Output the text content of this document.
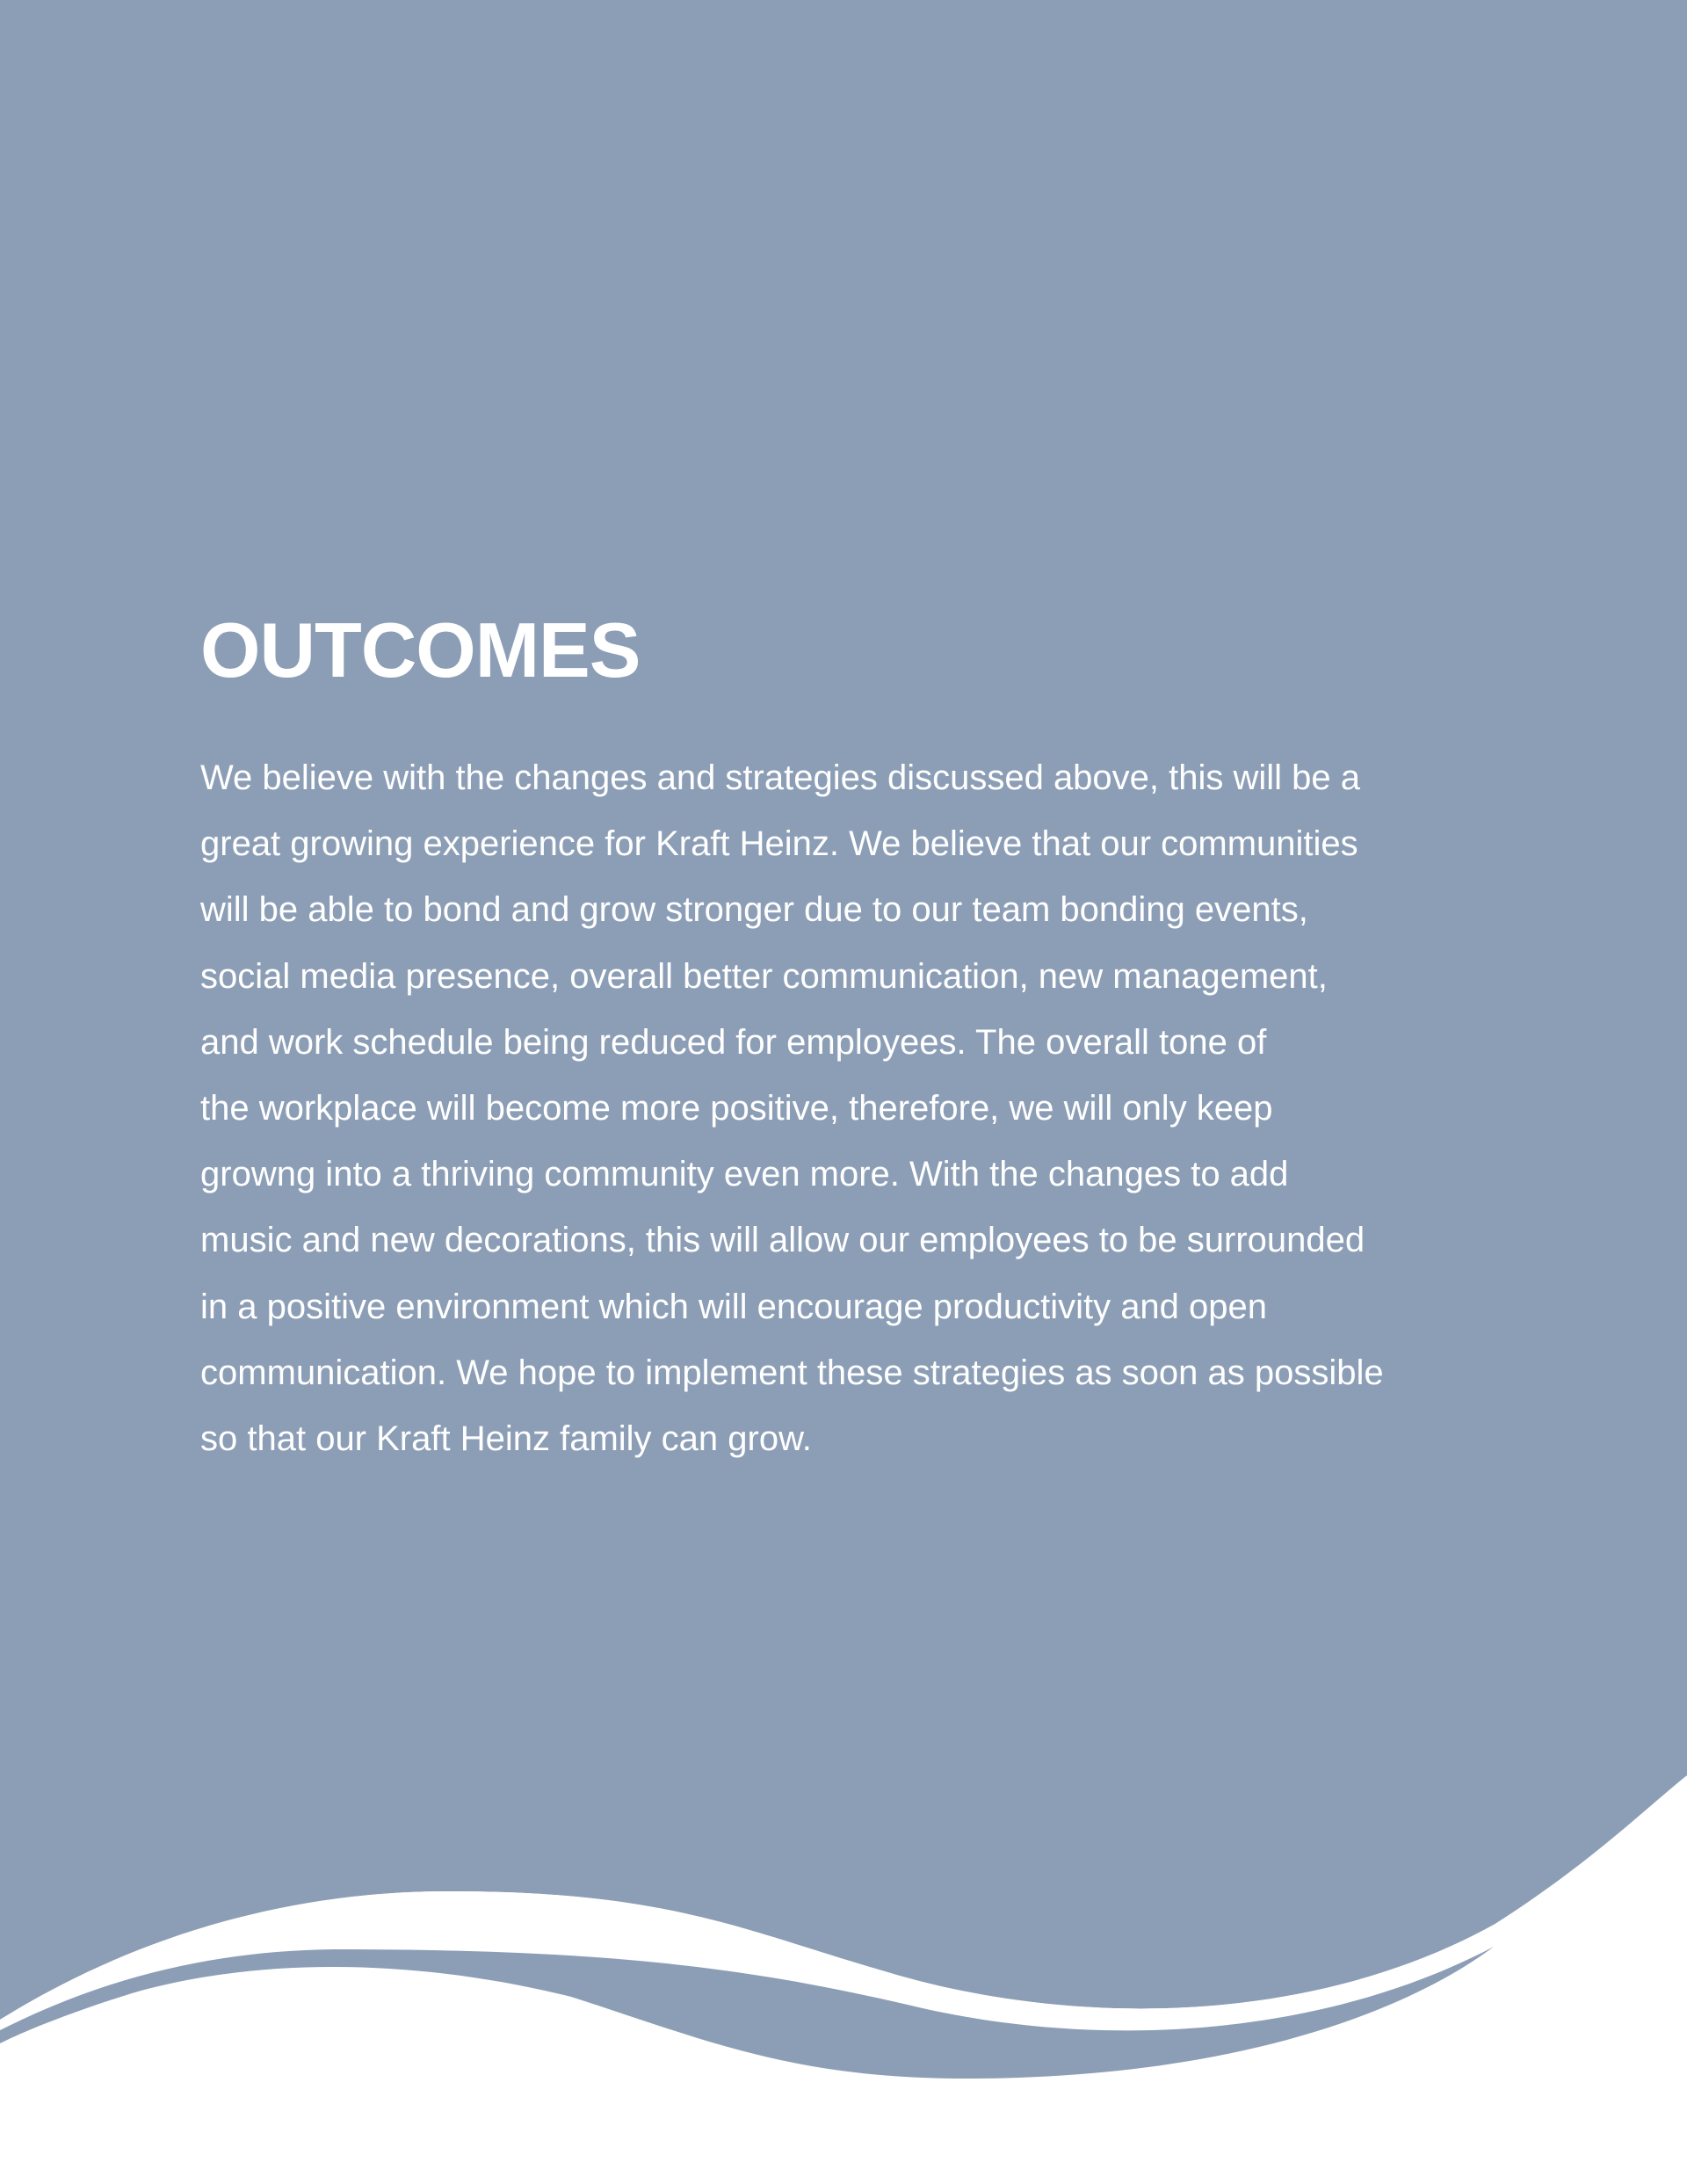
OUTCOMES

We believe with the changes and strategies discussed above, this will be a
great growing experience for Kraft Heinz. We believe that our communities
will be able to bond and grow stronger due to our team bonding events,
social media presence, overall better communication, new management,
and work schedule being reduced for employees. The overall tone of
the workplace will become more positive, therefore, we will only keep
growng into a thriving community even more. With the changes to add
music and new decorations, this will allow our employees to be surrounded
in a positive environment which will encourage productivity and open
communication. We hope to implement these strategies as soon as possible
so that our Kraft Heinz family can grow.
